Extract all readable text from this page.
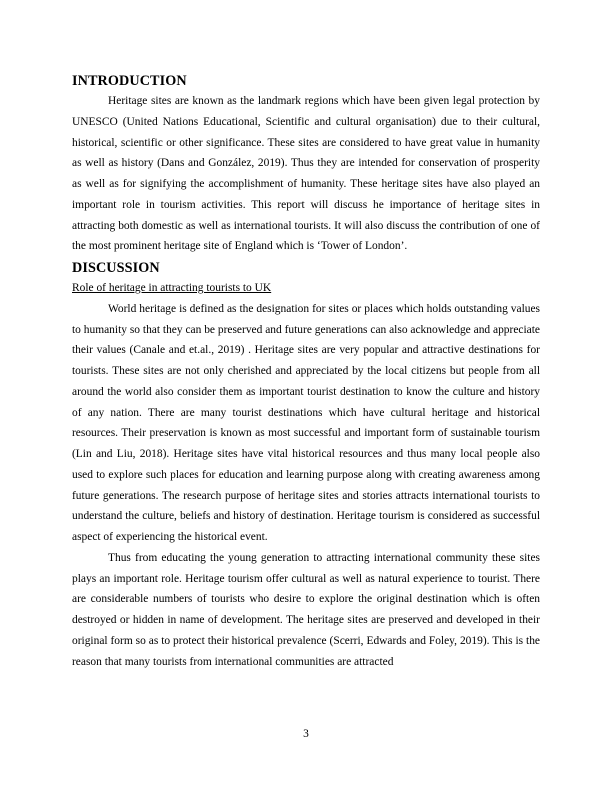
INTRODUCTION

Heritage sites are known as the landmark regions which have been given legal protection by UNESCO (United Nations Educational, Scientific and cultural organisation) due to their cultural, historical, scientific or other significance. These sites are considered to have great value in humanity as well as history (Dans and González, 2019). Thus they are intended for conservation of prosperity as well as for signifying the accomplishment of humanity. These heritage sites have also played an important role in tourism activities. This report will discuss he importance of heritage sites in attracting both domestic as well as international tourists. It will also discuss the contribution of one of the most prominent heritage site of England which is ‘Tower of London’.

DISCUSSION
Role of heritage in attracting tourists to UK

World heritage is defined as the designation for sites or places which holds outstanding values to humanity so that they can be preserved and future generations can also acknowledge and appreciate their values (Canale and et.al., 2019) . Heritage sites are very popular and attractive destinations for tourists. These sites are not only cherished and appreciated by the local citizens but people from all around the world also consider them as important tourist destination to know the culture and history of any nation. There are many tourist destinations which have cultural heritage and historical resources. Their preservation is known as most successful and important form of sustainable tourism (Lin and Liu, 2018). Heritage sites have vital historical resources and thus many local people also used to explore such places for education and learning purpose along with creating awareness among future generations. The research purpose of heritage sites and stories attracts international tourists to understand the culture, beliefs and history of destination. Heritage tourism is considered as successful aspect of experiencing the historical event.

Thus from educating the young generation to attracting international community these sites plays an important role. Heritage tourism offer cultural as well as natural experience to tourist. There are considerable numbers of tourists who desire to explore the original destination which is often destroyed or hidden in name of development. The heritage sites are preserved and developed in their original form so as to protect their historical prevalence (Scerri, Edwards and Foley, 2019). This is the reason that many tourists from international communities are attracted

3
